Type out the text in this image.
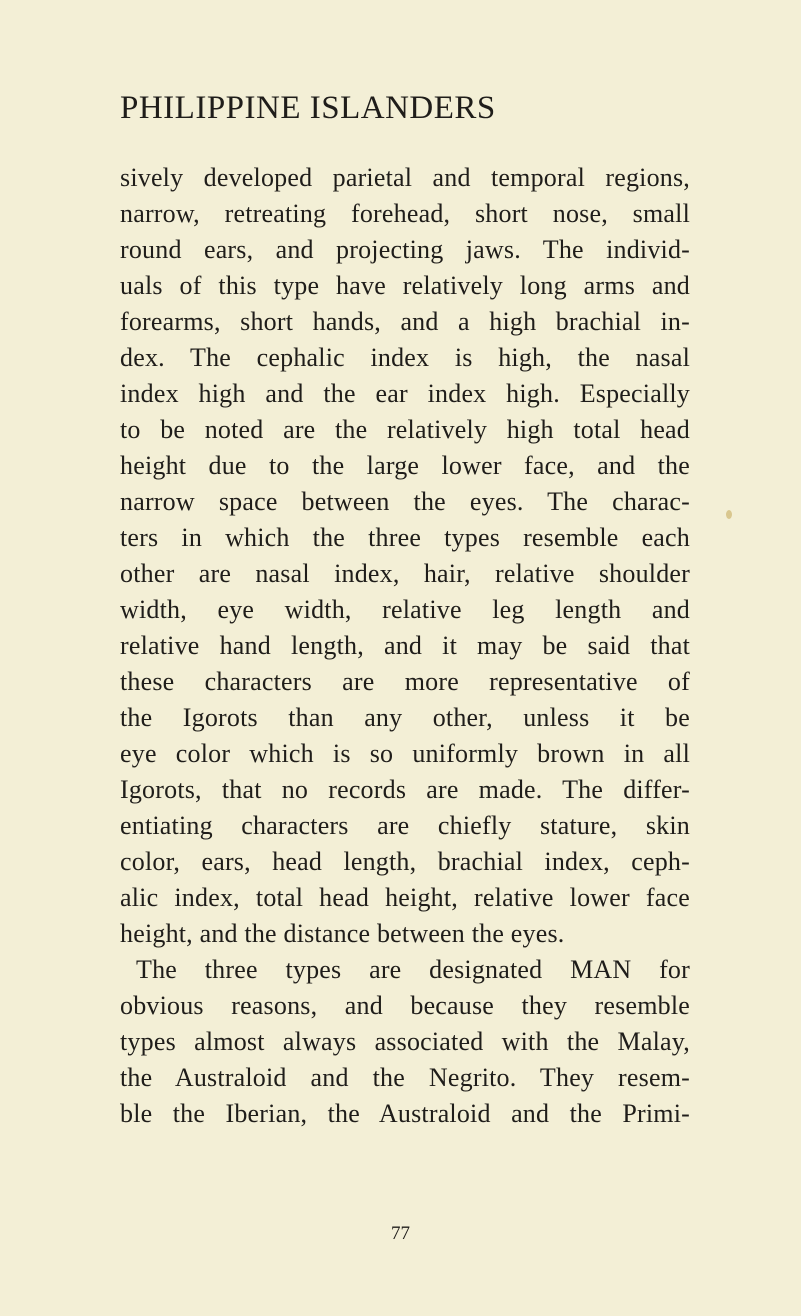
PHILIPPINE ISLANDERS
sively developed parietal and temporal regions,
narrow, retreating forehead, short nose, small
round ears, and projecting jaws. The individ-
uals of this type have relatively long arms and
forearms, short hands, and a high brachial in-
dex. The cephalic index is high, the nasal
index high and the ear index high. Especially
to be noted are the relatively high total head
height due to the large lower face, and the
narrow space between the eyes. The charac-
ters in which the three types resemble each
other are nasal index, hair, relative shoulder
width, eye width, relative leg length and
relative hand length, and it may be said that
these characters are more representative of
the Igorots than any other, unless it be
eye color which is so uniformly brown in all
Igorots, that no records are made. The differ-
entiating characters are chiefly stature, skin
color, ears, head length, brachial index, ceph-
alic index, total head height, relative lower face
height, and the distance between the eyes.
The three types are designated MAN for
obvious reasons, and because they resemble
types almost always associated with the Malay,
the Australoid and the Negrito. They resem-
ble the Iberian, the Australoid and the Primi-
77
